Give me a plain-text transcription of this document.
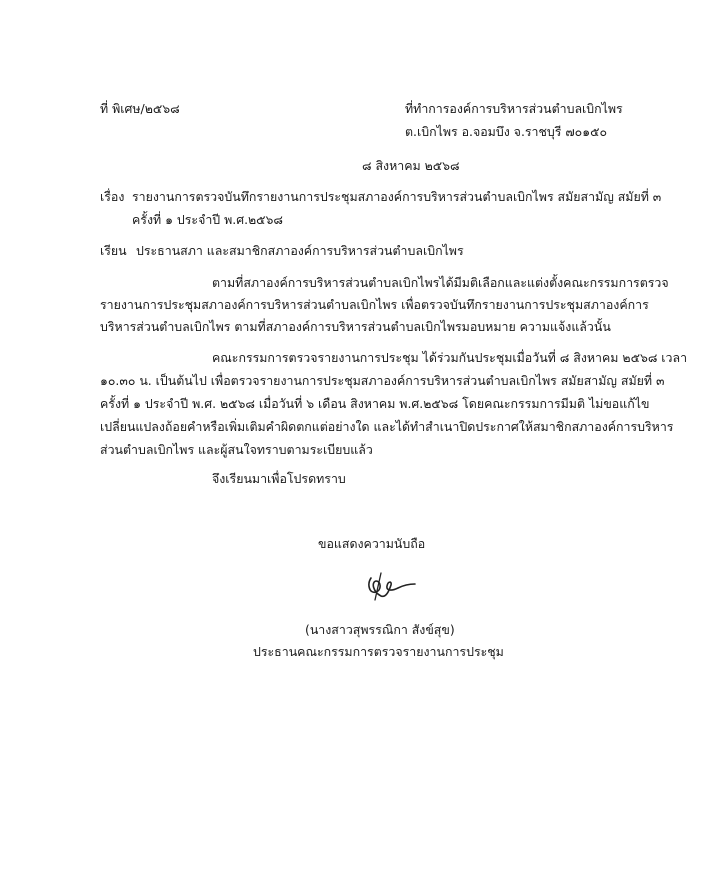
ที่ พิเศษ/๒๕๖๘	ที่ทำการองค์การบริหารส่วนตำบลเบิกไพร
ต.เบิกไพร อ.จอมบึง จ.ราชบุรี ๗๐๑๕๐
๘ สิงหาคม ๒๕๖๘
เรื่อง รายงานการตรวจบันทึกรายงานการประชุมสภาองค์การบริหารส่วนตำบลเบิกไพร สมัยสามัญ สมัยที่ ๓
ครั้งที่ ๑ ประจำปี พ.ศ.๒๕๖๘
เรียน ประธานสภา และสมาชิกสภาองค์การบริหารส่วนตำบลเบิกไพร
ตามที่สภาองค์การบริหารส่วนตำบลเบิกไพรได้มีมติเลือกและแต่งตั้งคณะกรรมการตรวจ
รายงานการประชุมสภาองค์การบริหารส่วนตำบลเบิกไพร เพื่อตรวจบันทึกรายงานการประชุมสภาองค์การ
บริหารส่วนตำบลเบิกไพร ตามที่สภาองค์การบริหารส่วนตำบลเบิกไพรมอบหมาย ความแจ้งแล้วนั้น
คณะกรรมการตรวจรายงานการประชุม ได้ร่วมกันประชุมเมื่อวันที่ ๘ สิงหาคม ๒๕๖๘ เวลา
๑๐.๓๐ น. เป็นต้นไป เพื่อตรวจรายงานการประชุมสภาองค์การบริหารส่วนตำบลเบิกไพร สมัยสามัญ สมัยที่ ๓
ครั้งที่ ๑ ประจำปี พ.ศ. ๒๕๖๘ เมื่อวันที่ ๖ เดือน สิงหาคม พ.ศ.๒๕๖๘ โดยคณะกรรมการมีมติ ไม่ขอแก้ไข
เปลี่ยนแปลงถ้อยคำหรือเพิ่มเติมคำผิดตกแต่อย่างใด และได้ทำสำเนาปิดประกาศให้สมาชิกสภาองค์การบริหาร
ส่วนตำบลเบิกไพร และผู้สนใจทราบตามระเบียบแล้ว
จึงเรียนมาเพื่อโปรดทราบ
ขอแสดงความนับถือ
(นางสาวสุพรรณิกา สังข์สุข)
ประธานคณะกรรมการตรวจรายงานการประชุม
